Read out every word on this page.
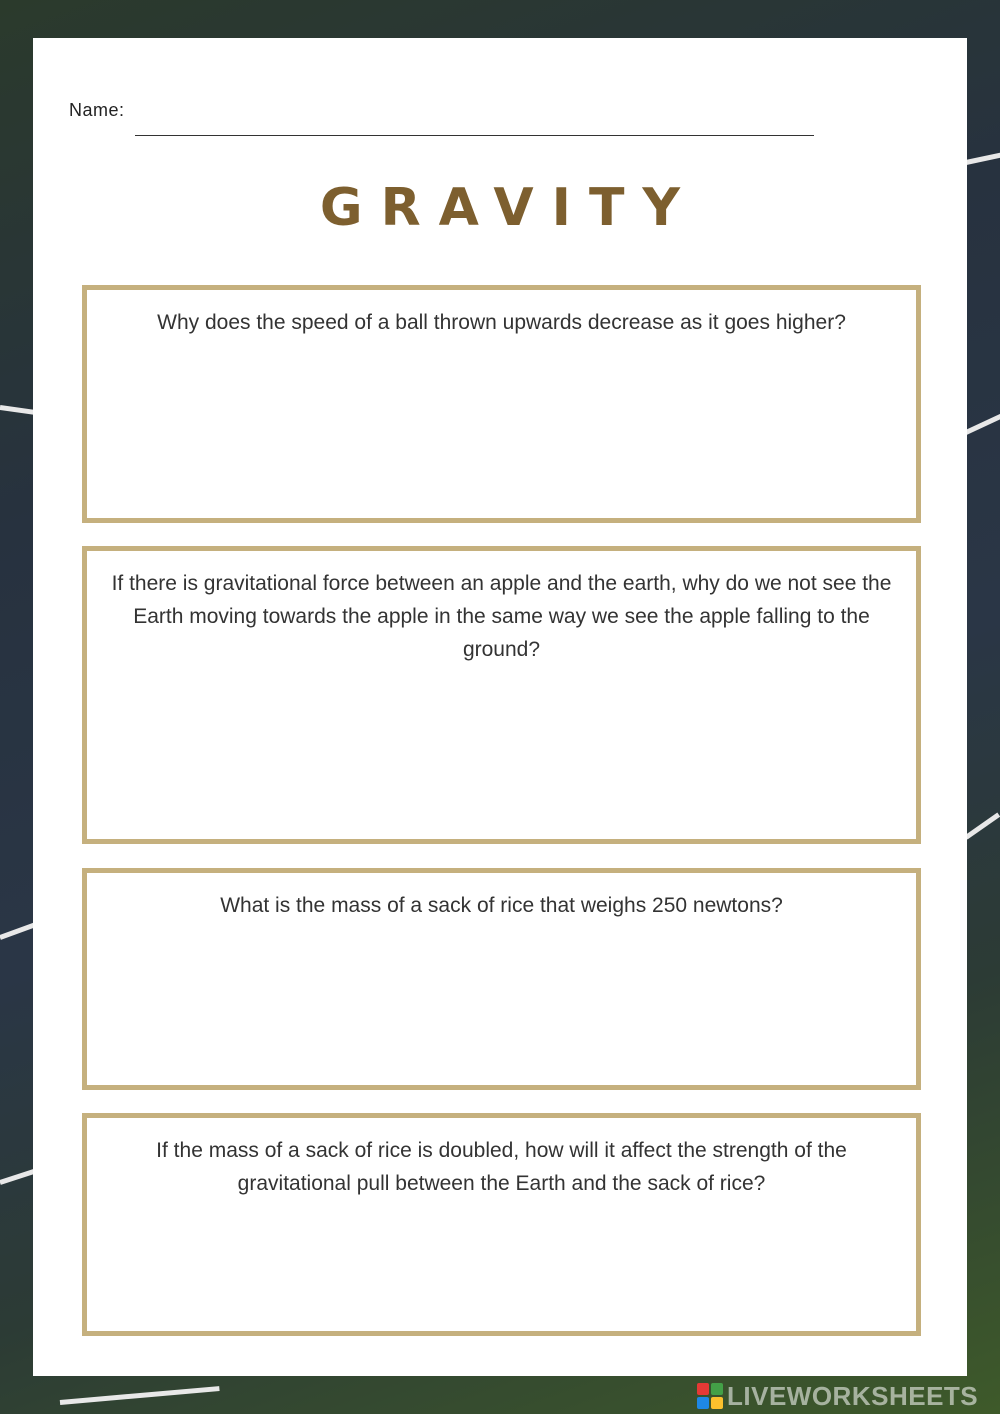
Name:
GRAVITY
Why does the speed of a ball thrown upwards decrease as it goes higher?
If there is gravitational force between an apple and the earth, why do we not see the Earth moving towards the apple in the same way we see the apple falling to the ground?
What is the mass of a sack of rice that weighs 250 newtons?
If the mass of a sack of rice is doubled, how will it affect the strength of the gravitational pull between the Earth and the sack of rice?
LIVEWORKSHEETS
